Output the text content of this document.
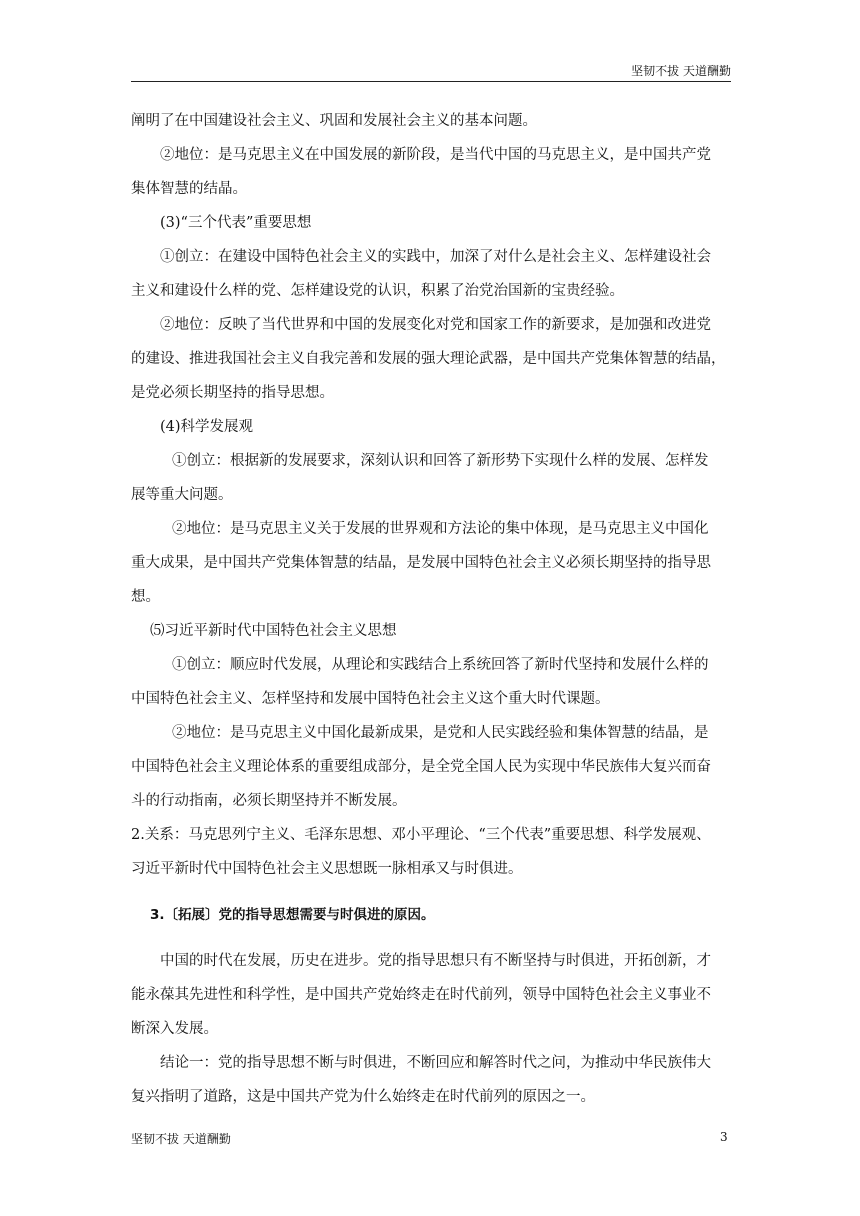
坚韧不拔 天道酬勤

阐明了在中国建设社会主义、巩固和发展社会主义的基本问题。

②地位：是马克思主义在中国发展的新阶段，是当代中国的马克思主义，是中国共产党

集体智慧的结晶。

(3)“三个代表”重要思想

①创立：在建设中国特色社会主义的实践中，加深了对什么是社会主义、怎样建设社会

主义和建设什么样的党、怎样建设党的认识，积累了治党治国新的宝贵经验。

②地位：反映了当代世界和中国的发展变化对党和国家工作的新要求，是加强和改进党

的建设、推进我国社会主义自我完善和发展的强大理论武器，是中国共产党集体智慧的结晶，

是党必须长期坚持的指导思想。

(4)科学发展观

①创立：根据新的发展要求，深刻认识和回答了新形势下实现什么样的发展、怎样发

展等重大问题。

②地位：是马克思主义关于发展的世界观和方法论的集中体现，是马克思主义中国化

重大成果，是中国共产党集体智慧的结晶，是发展中国特色社会主义必须长期坚持的指导思

想。

⑸习近平新时代中国特色社会主义思想

①创立：顺应时代发展，从理论和实践结合上系统回答了新时代坚持和发展什么样的

中国特色社会主义、怎样坚持和发展中国特色社会主义这个重大时代课题。

②地位：是马克思主义中国化最新成果，是党和人民实践经验和集体智慧的结晶，是

中国特色社会主义理论体系的重要组成部分，是全党全国人民为实现中华民族伟大复兴而奋

斗的行动指南，必须长期坚持并不断发展。

2.关系：马克思列宁主义、毛泽东思想、邓小平理论、“三个代表”重要思想、科学发展观、

习近平新时代中国特色社会主义思想既一脉相承又与时俱进。

3.〔拓展〕党的指导思想需要与时俱进的原因。

中国的时代在发展，历史在进步。党的指导思想只有不断坚持与时俱进，开拓创新，才

能永葆其先进性和科学性，是中国共产党始终走在时代前列，领导中国特色社会主义事业不

断深入发展。

结论一：党的指导思想不断与时俱进，不断回应和解答时代之问，为推动中华民族伟大

复兴指明了道路，这是中国共产党为什么始终走在时代前列的原因之一。

坚韧不拔 天道酬勤	3
